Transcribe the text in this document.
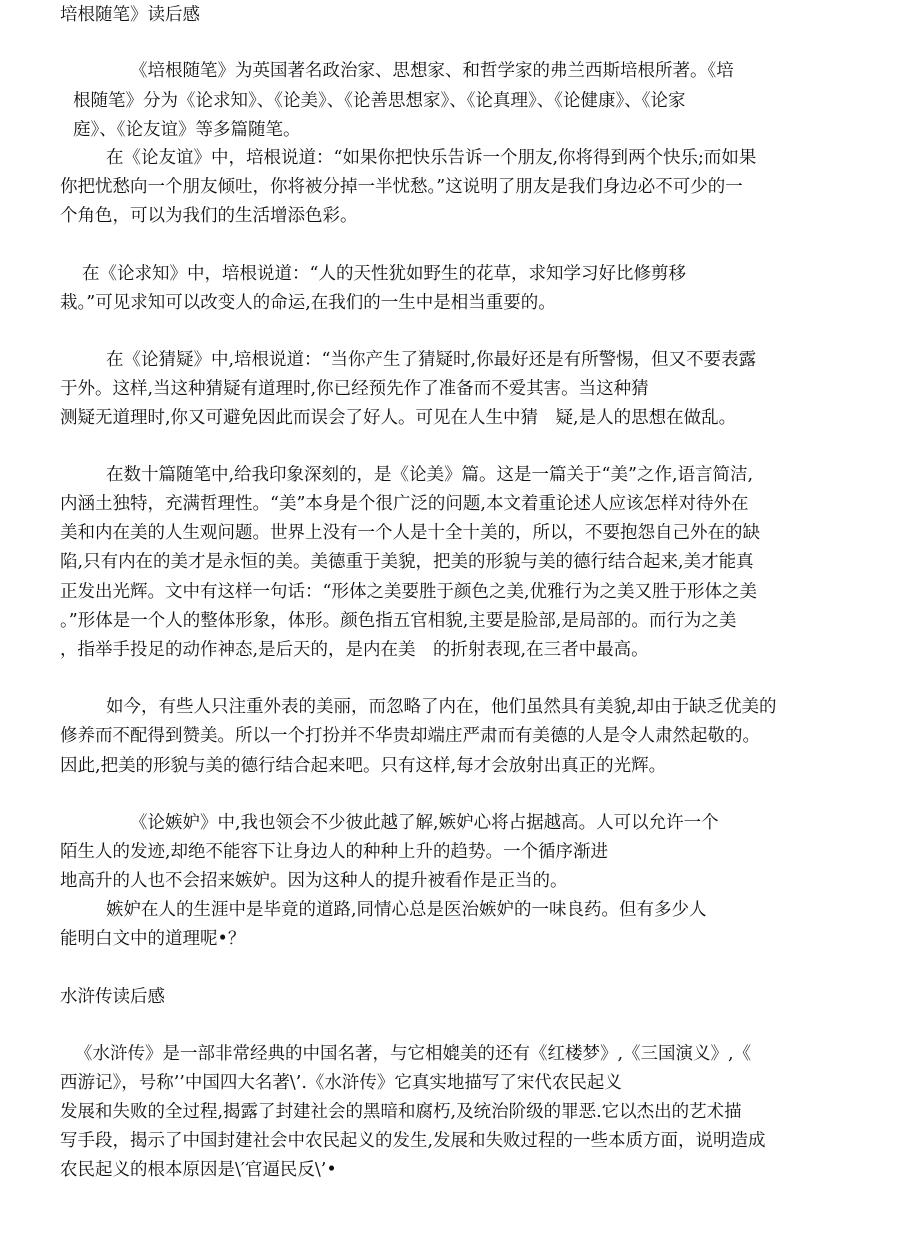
培根随笔》读后感
《培根随笔》为英国著名政治家、思想家、和哲学家的弗兰西斯培根所著。《培
根随笔》分为《论求知》、《论美》、《论善思想家》、《论真理》、《论健康》、《论家
庭》、《论友谊》等多篇随笔。
在《论友谊》中，培根说道：“如果你把快乐告诉一个朋友,你将得到两个快乐;而如果
你把忧愁向一个朋友倾吐，你将被分掉一半忧愁。”这说明了朋友是我们身边必不可少的一
个角色，可以为我们的生活增添色彩。
在《论求知》中，培根说道：“人的天性犹如野生的花草，求知学习好比修剪移
栽。”可见求知可以改变人的命运,在我们的一生中是相当重要的。
在《论猜疑》中,培根说道：“当你产生了猜疑时,你最好还是有所警惕，但又不要表露
于外。这样,当这种猜疑有道理时,你已经预先作了准备而不爱其害。当这种猜
测疑无道理时,你又可避免因此而误会了好人。可见在人生中猜　疑,是人的思想在做乱。
在数十篇随笔中,给我印象深刻的，是《论美》篇。这是一篇关于“美”之作,语言简洁,
内涵土独特，充满哲理性。“美”本身是个很广泛的问题,本文着重论述人应该怎样对待外在
美和内在美的人生观问题。世界上没有一个人是十全十美的，所以，不要抱怨自己外在的缺
陷,只有内在的美才是永恒的美。美德重于美貌，把美的形貌与美的德行结合起来,美才能真
正发出光辉。文中有这样一句话：“形体之美要胜于颜色之美,优雅行为之美又胜于形体之美
。”形体是一个人的整体形象，体形。颜色指五官相貌,主要是脸部,是局部的。而行为之美
，指举手投足的动作神态,是后天的，是内在美　的折射表现,在三者中最高。
如今，有些人只注重外表的美丽，而忽略了内在，他们虽然具有美貌,却由于缺乏优美的
修养而不配得到赞美。所以一个打扮并不华贵却端庄严肃而有美德的人是令人肃然起敬的。
因此,把美的形貌与美的德行结合起来吧。只有这样,每才会放射出真正的光辉。
《论嫉妒》中,我也领会不少彼此越了解,嫉妒心将占据越高。人可以允许一个
陌生人的发迹,却绝不能容下让身边人的种种上升的趋势。一个循序渐进
地高升的人也不会招来嫉妒。因为这种人的提升被看作是正当的。
嫉妒在人的生涯中是毕竟的道路,同情心总是医治嫉妒的一味良药。但有多少人
能明白文中的道理呢•？
水浒传读后感
《水浒传》是一部非常经典的中国名著，与它相媲美的还有《红楼梦》,《三国演义》,《
西游记》，号称’’中国四大名著\’.《水浒传》它真实地描写了宋代农民起义
发展和失败的全过程,揭露了封建社会的黑暗和腐朽,及统治阶级的罪恶.它以杰出的艺术描
写手段，揭示了中国封建社会中农民起义的发生,发展和失败过程的一些本质方面，说明造成
农民起义的根本原因是\′官逼民反\’•
